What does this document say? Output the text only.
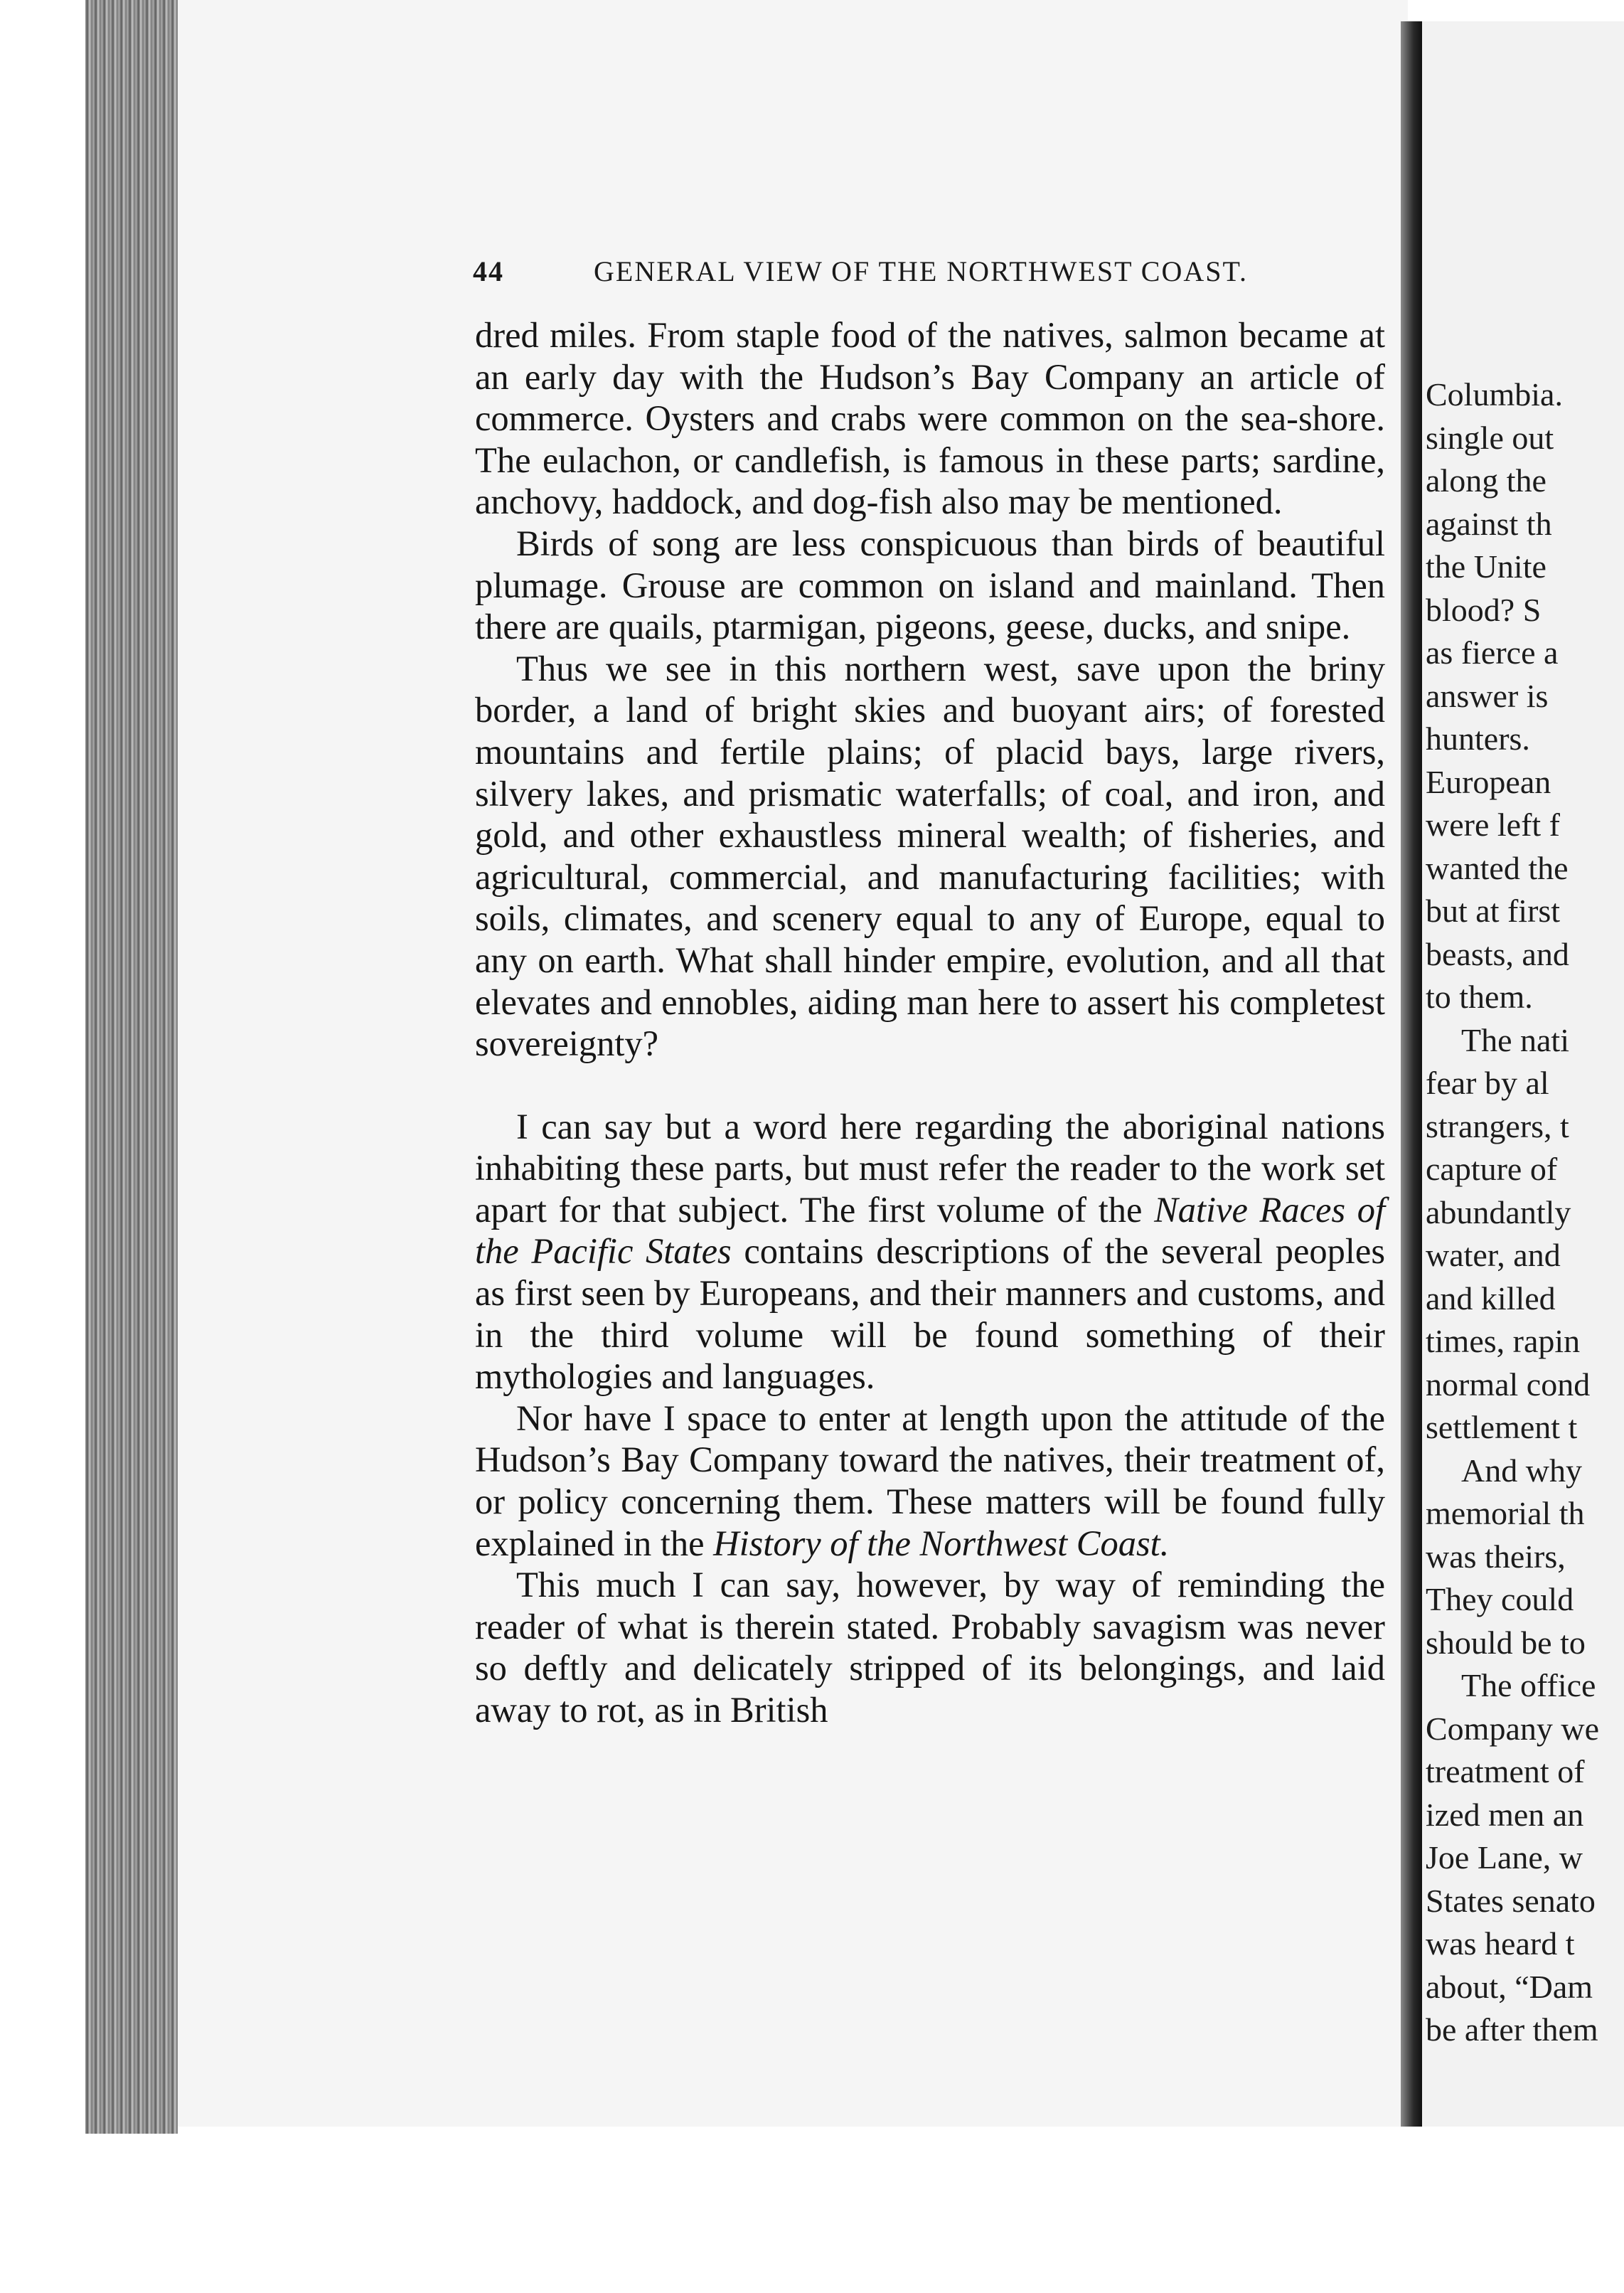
44	GENERAL VIEW OF THE NORTHWEST COAST.

dred miles. From staple food of the natives, salmon became at an early day with the Hudson’s Bay Company an article of commerce. Oysters and crabs were common on the sea-shore. The eulachon, or candlefish, is famous in these parts; sardine, anchovy, haddock, and dog-fish also may be mentioned.

Birds of song are less conspicuous than birds of beautiful plumage. Grouse are common on island and mainland. Then there are quails, ptarmigan, pigeons, geese, ducks, and snipe.

Thus we see in this northern west, save upon the briny border, a land of bright skies and buoyant airs; of forested mountains and fertile plains; of placid bays, large rivers, silvery lakes, and prismatic waterfalls; of coal, and iron, and gold, and other exhaustless mineral wealth; of fisheries, and agricultural, commercial, and manufacturing facilities; with soils, climates, and scenery equal to any of Europe, equal to any on earth. What shall hinder empire, evolution, and all that elevates and ennobles, aiding man here to assert his completest sovereignty?

I can say but a word here regarding the aboriginal nations inhabiting these parts, but must refer the reader to the work set apart for that subject. The first volume of the Native Races of the Pacific States contains descriptions of the several peoples as first seen by Europeans, and their manners and customs, and in the third volume will be found something of their mythologies and languages.

Nor have I space to enter at length upon the attitude of the Hudson’s Bay Company toward the natives, their treatment of, or policy concerning them. These matters will be found fully explained in the History of the Northwest Coast.

This much I can say, however, by way of reminding the reader of what is therein stated. Probably savagism was never so deftly and delicately stripped of its belongings, and laid away to rot, as in British

Columbia.
single out
along the
against th
the Unite
blood? S
as fierce a
answer is
hunters.
European
were left f
wanted the
but at first
beasts, and
to them.
The nati
fear by al
strangers, t
capture of
abundantly
water, and
and killed
times, rapin
normal cond
settlement t
And why
memorial th
was theirs,
They could
should be to
The office
Company we
treatment of
ized men an
Joe Lane, w
States senato
was heard t
about, “Dam
be after them
